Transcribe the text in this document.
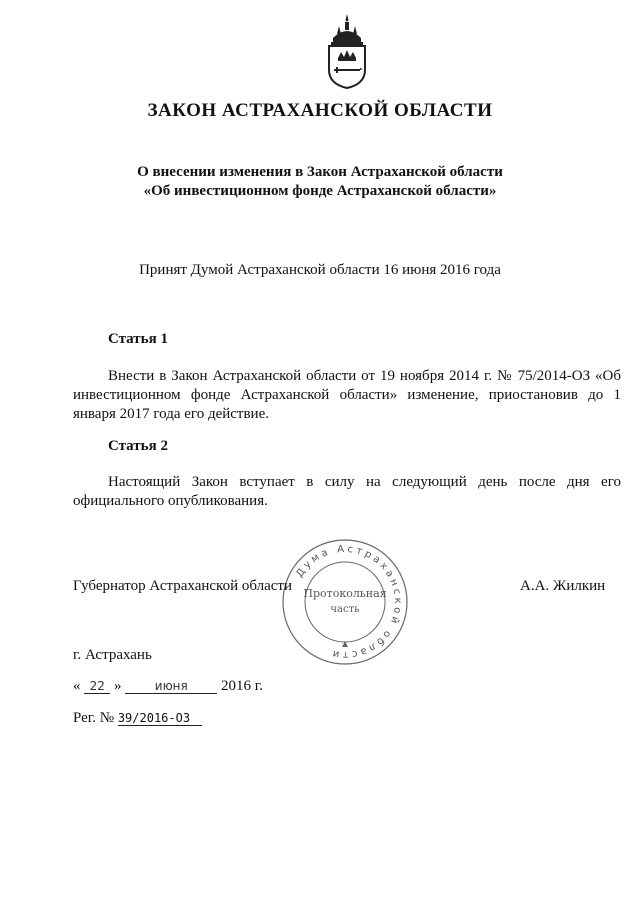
ЗАКОН АСТРАХАНСКОЙ ОБЛАСТИ
О внесении изменения в Закон Астраханской области
«Об инвестиционном фонде Астраханской области»
Принят Думой Астраханской области 16 июня 2016 года
Статья 1
Внести в Закон Астраханской области от 19 ноября 2014 г. № 75/2014-ОЗ «Об инвестиционном фонде Астраханской области» изменение, приостановив до 1 января 2017 года его действие.
Статья 2
Настоящий Закон вступает в силу на следующий день после дня его официального опубликования.
Дума Астраханской области
Протокольная
часть
Губернатор Астраханской области	А.А. Жилкин
г. Астрахань
« 22 »	июня 2016 г.
Рег. № 39/2016-ОЗ
